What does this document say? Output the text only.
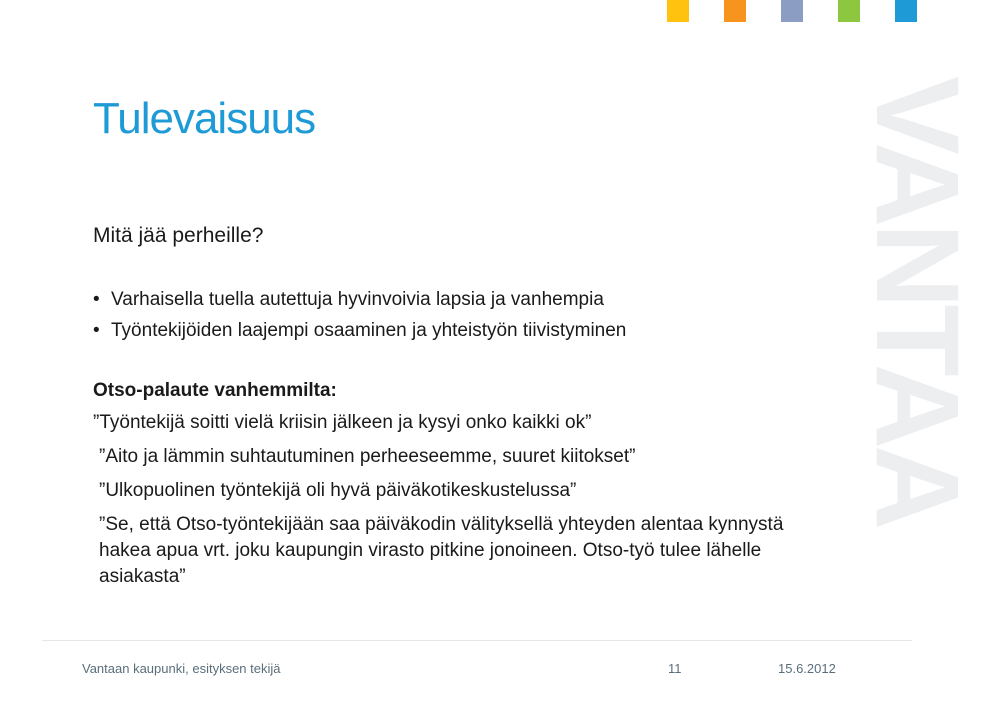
VANTAA
Tulevaisuus
Mitä jää perheille?
• Varhaisella tuella autettuja hyvinvoivia lapsia ja vanhempia
• Työntekijöiden laajempi osaaminen ja yhteistyön tiivistyminen
Otso-palaute vanhemmilta:

”Työntekijä soitti vielä kriisin jälkeen ja kysyi onko kaikki ok”

”Aito ja lämmin suhtautuminen perheeseemme, suuret kiitokset”

”Ulkopuolinen työntekijä oli hyvä päiväkotikeskustelussa”

”Se, että Otso-työntekijään saa päiväkodin välityksellä yhteyden alentaa kynnystä hakea apua vrt. joku kaupungin virasto pitkine jonoineen. Otso-työ tulee lähelle asiakasta”

Vantaan kaupunki, esityksen tekijä	11	15.6.2012
